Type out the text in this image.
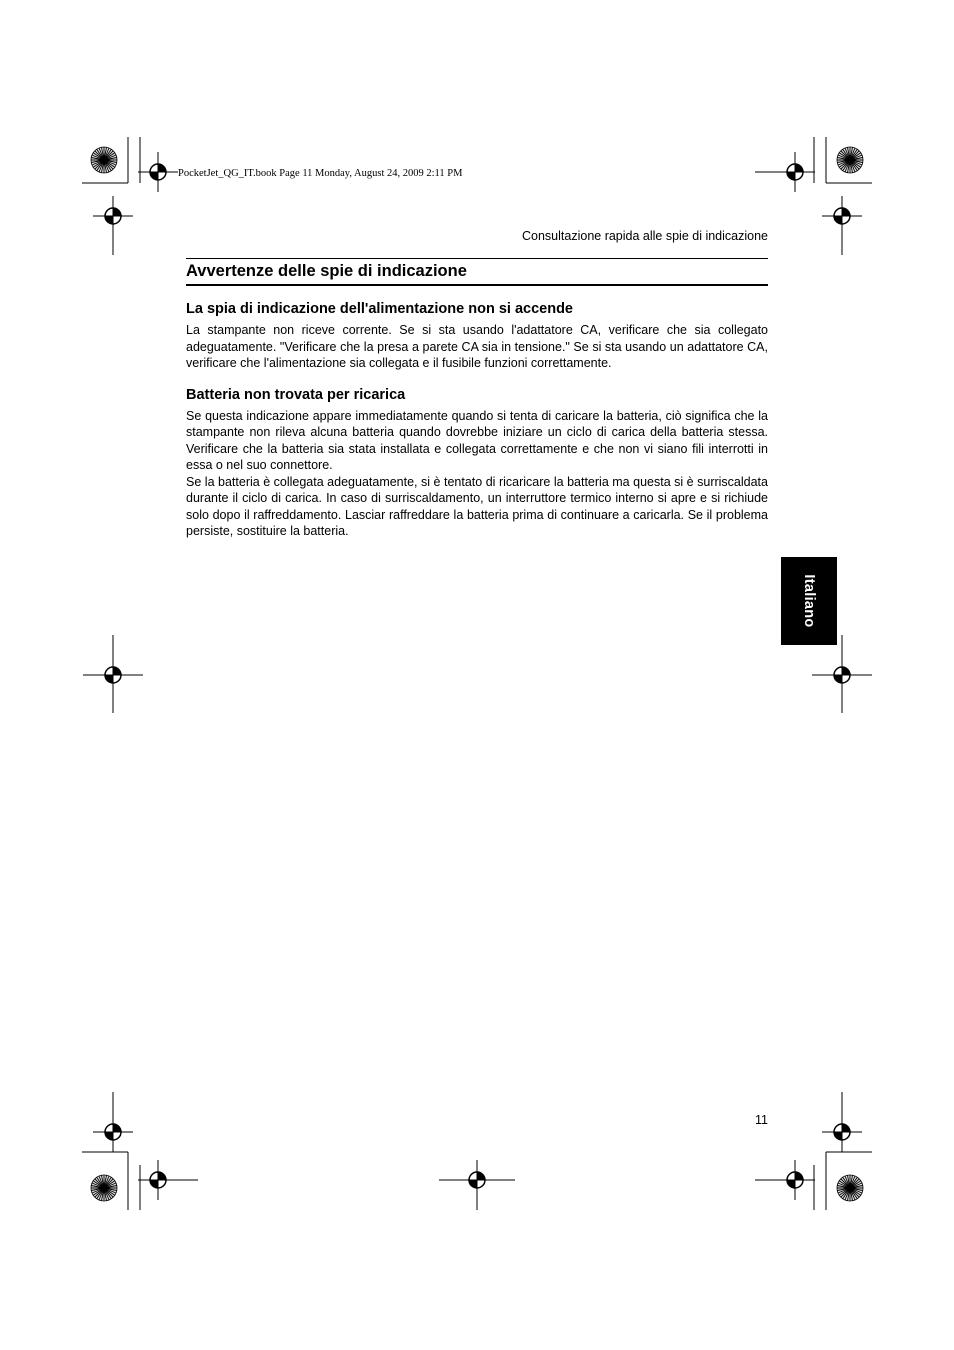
PocketJet_QG_IT.book Page 11 Monday, August 24, 2009 2:11 PM
Consultazione rapida alle spie di indicazione
Avvertenze delle spie di indicazione
La spia di indicazione dell'alimentazione non si accende

La stampante non riceve corrente. Se si sta usando l'adattatore CA, verificare che sia collegato adeguatamente. "Verificare che la presa a parete CA sia in tensione." Se si sta usando un adattatore CA, verificare che l'alimentazione sia collegata e il fusibile funzioni correttamente.

Batteria non trovata per ricarica

Se questa indicazione appare immediatamente quando si tenta di caricare la batteria, ciò significa che la stampante non rileva alcuna batteria quando dovrebbe iniziare un ciclo di carica della batteria stessa. Verificare che la batteria sia stata installata e collegata correttamente e che non vi siano fili interrotti in essa o nel suo connettore.

Se la batteria è collegata adeguatamente, si è tentato di ricaricare la batteria ma questa si è surriscaldata durante il ciclo di carica. In caso di surriscaldamento, un interruttore termico interno si apre e si richiude solo dopo il raffreddamento. Lasciar raffreddare la batteria prima di continuare a caricarla. Se il problema persiste, sostituire la batteria.

Italiano
11
